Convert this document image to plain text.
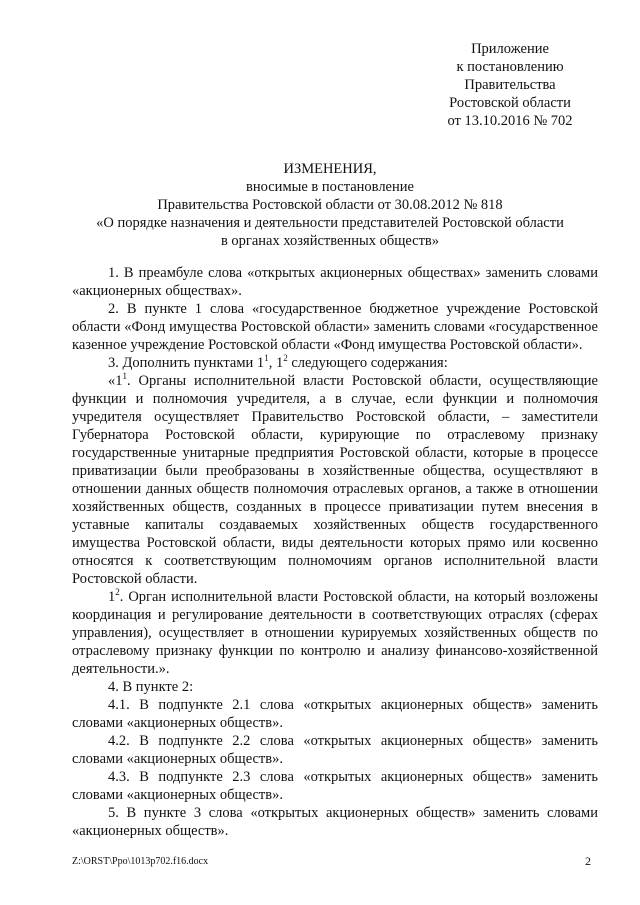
Приложение
к постановлению
Правительства
Ростовской области
от 13.10.2016 № 702
ИЗМЕНЕНИЯ,
вносимые в постановление
Правительства Ростовской области от 30.08.2012 № 818
«О порядке назначения и деятельности представителей Ростовской области
в органах хозяйственных обществ»

1. В преамбуле слова «открытых акционерных обществах» заменить словами «акционерных обществах».

2. В пункте 1 слова «государственное бюджетное учреждение Ростовской области «Фонд имущества Ростовской области» заменить словами «государственное казенное учреждение Ростовской области «Фонд имущества Ростовской области».

3. Дополнить пунктами $1^1$, $1^2$ следующего содержания:

«$1^1$. Органы исполнительной власти Ростовской области, осуществляющие функции и полномочия учредителя, а в случае, если функции и полномочия учредителя осуществляет Правительство Ростовской области, – заместители Губернатора Ростовской области, курирующие по отраслевому признаку государственные унитарные предприятия Ростовской области, которые в процессе приватизации были преобразованы в хозяйственные общества, осуществляют в отношении данных обществ полномочия отраслевых органов, а также в отношении хозяйственных обществ, созданных в процессе приватизации путем внесения в уставные капиталы создаваемых хозяйственных обществ государственного имущества Ростовской области, виды деятельности которых прямо или косвенно относятся к соответствующим полномочиям органов исполнительной власти Ростовской области.

$1^2$. Орган исполнительной власти Ростовской области, на который возложены координация и регулирование деятельности в соответствующих отраслях (сферах управления), осуществляет в отношении курируемых хозяйственных обществ по отраслевому признаку функции по контролю и анализу финансово-хозяйственной деятельности.».

4. В пункте 2:

4.1. В подпункте 2.1 слова «открытых акционерных обществ» заменить словами «акционерных обществ».

4.2. В подпункте 2.2 слова «открытых акционерных обществ» заменить словами «акционерных обществ».

4.3. В подпункте 2.3 слова «открытых акционерных обществ» заменить словами «акционерных обществ».

5. В пункте 3 слова «открытых акционерных обществ» заменить словами «акционерных обществ».

Z:\ORST\Ppo\1013p702.f16.docx	2
